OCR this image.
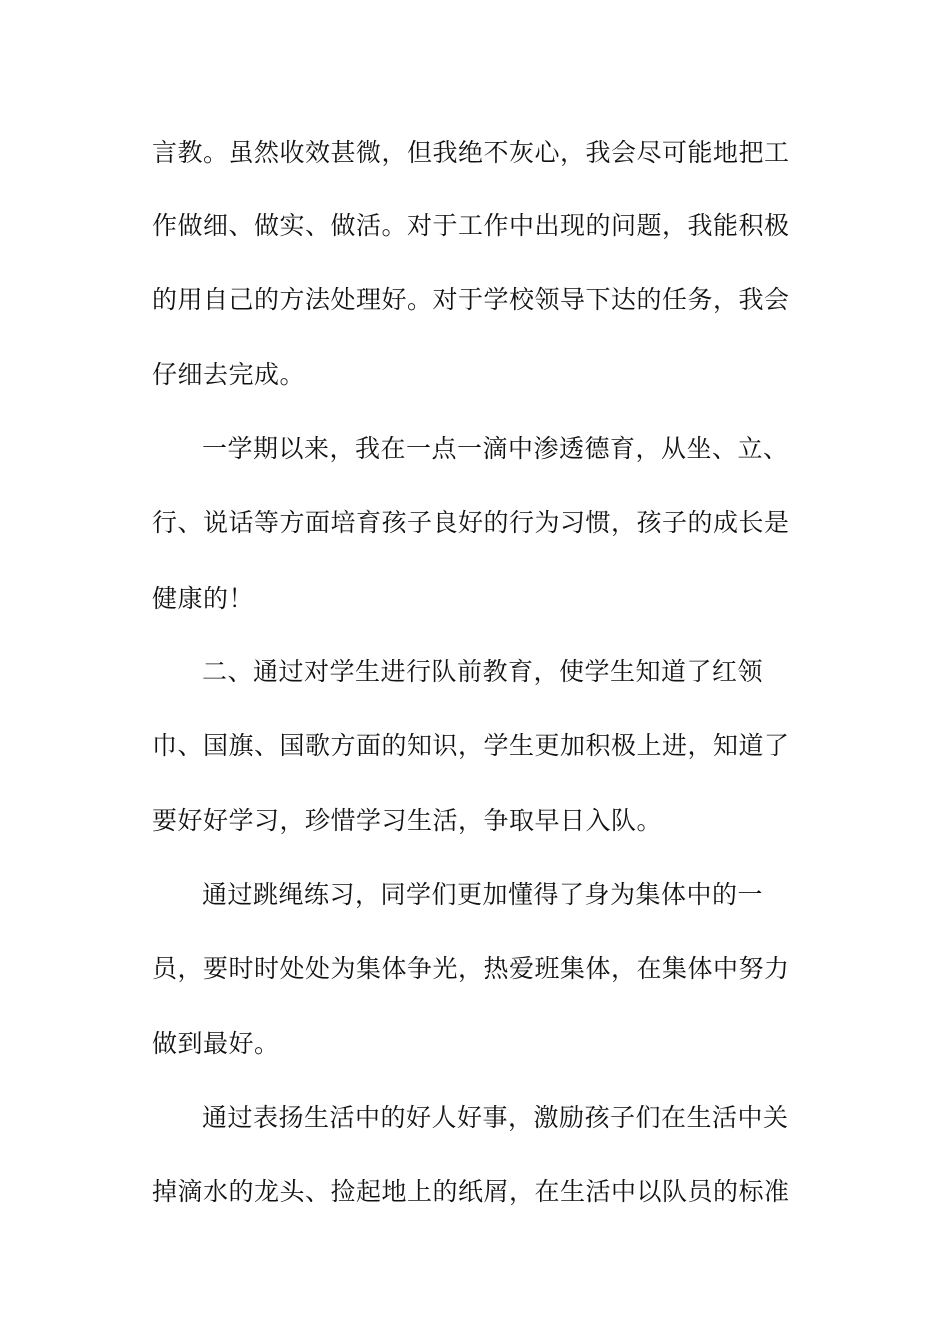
言教。虽然收效甚微，但我绝不灰心，我会尽可能地把工
作做细、做实、做活。对于工作中出现的问题，我能积极
的用自己的方法处理好。对于学校领导下达的任务，我会
仔细去完成。
一学期以来，我在一点一滴中渗透德育，从坐、立、
行、说话等方面培育孩子良好的行为习惯，孩子的成长是
健康的！
二、通过对学生进行队前教育，使学生知道了红领
巾、国旗、国歌方面的知识，学生更加积极上进，知道了
要好好学习，珍惜学习生活，争取早日入队。
通过跳绳练习，同学们更加懂得了身为集体中的一
员，要时时处处为集体争光，热爱班集体，在集体中努力
做到最好。
通过表扬生活中的好人好事，激励孩子们在生活中关
掉滴水的龙头、捡起地上的纸屑，在生活中以队员的标准
